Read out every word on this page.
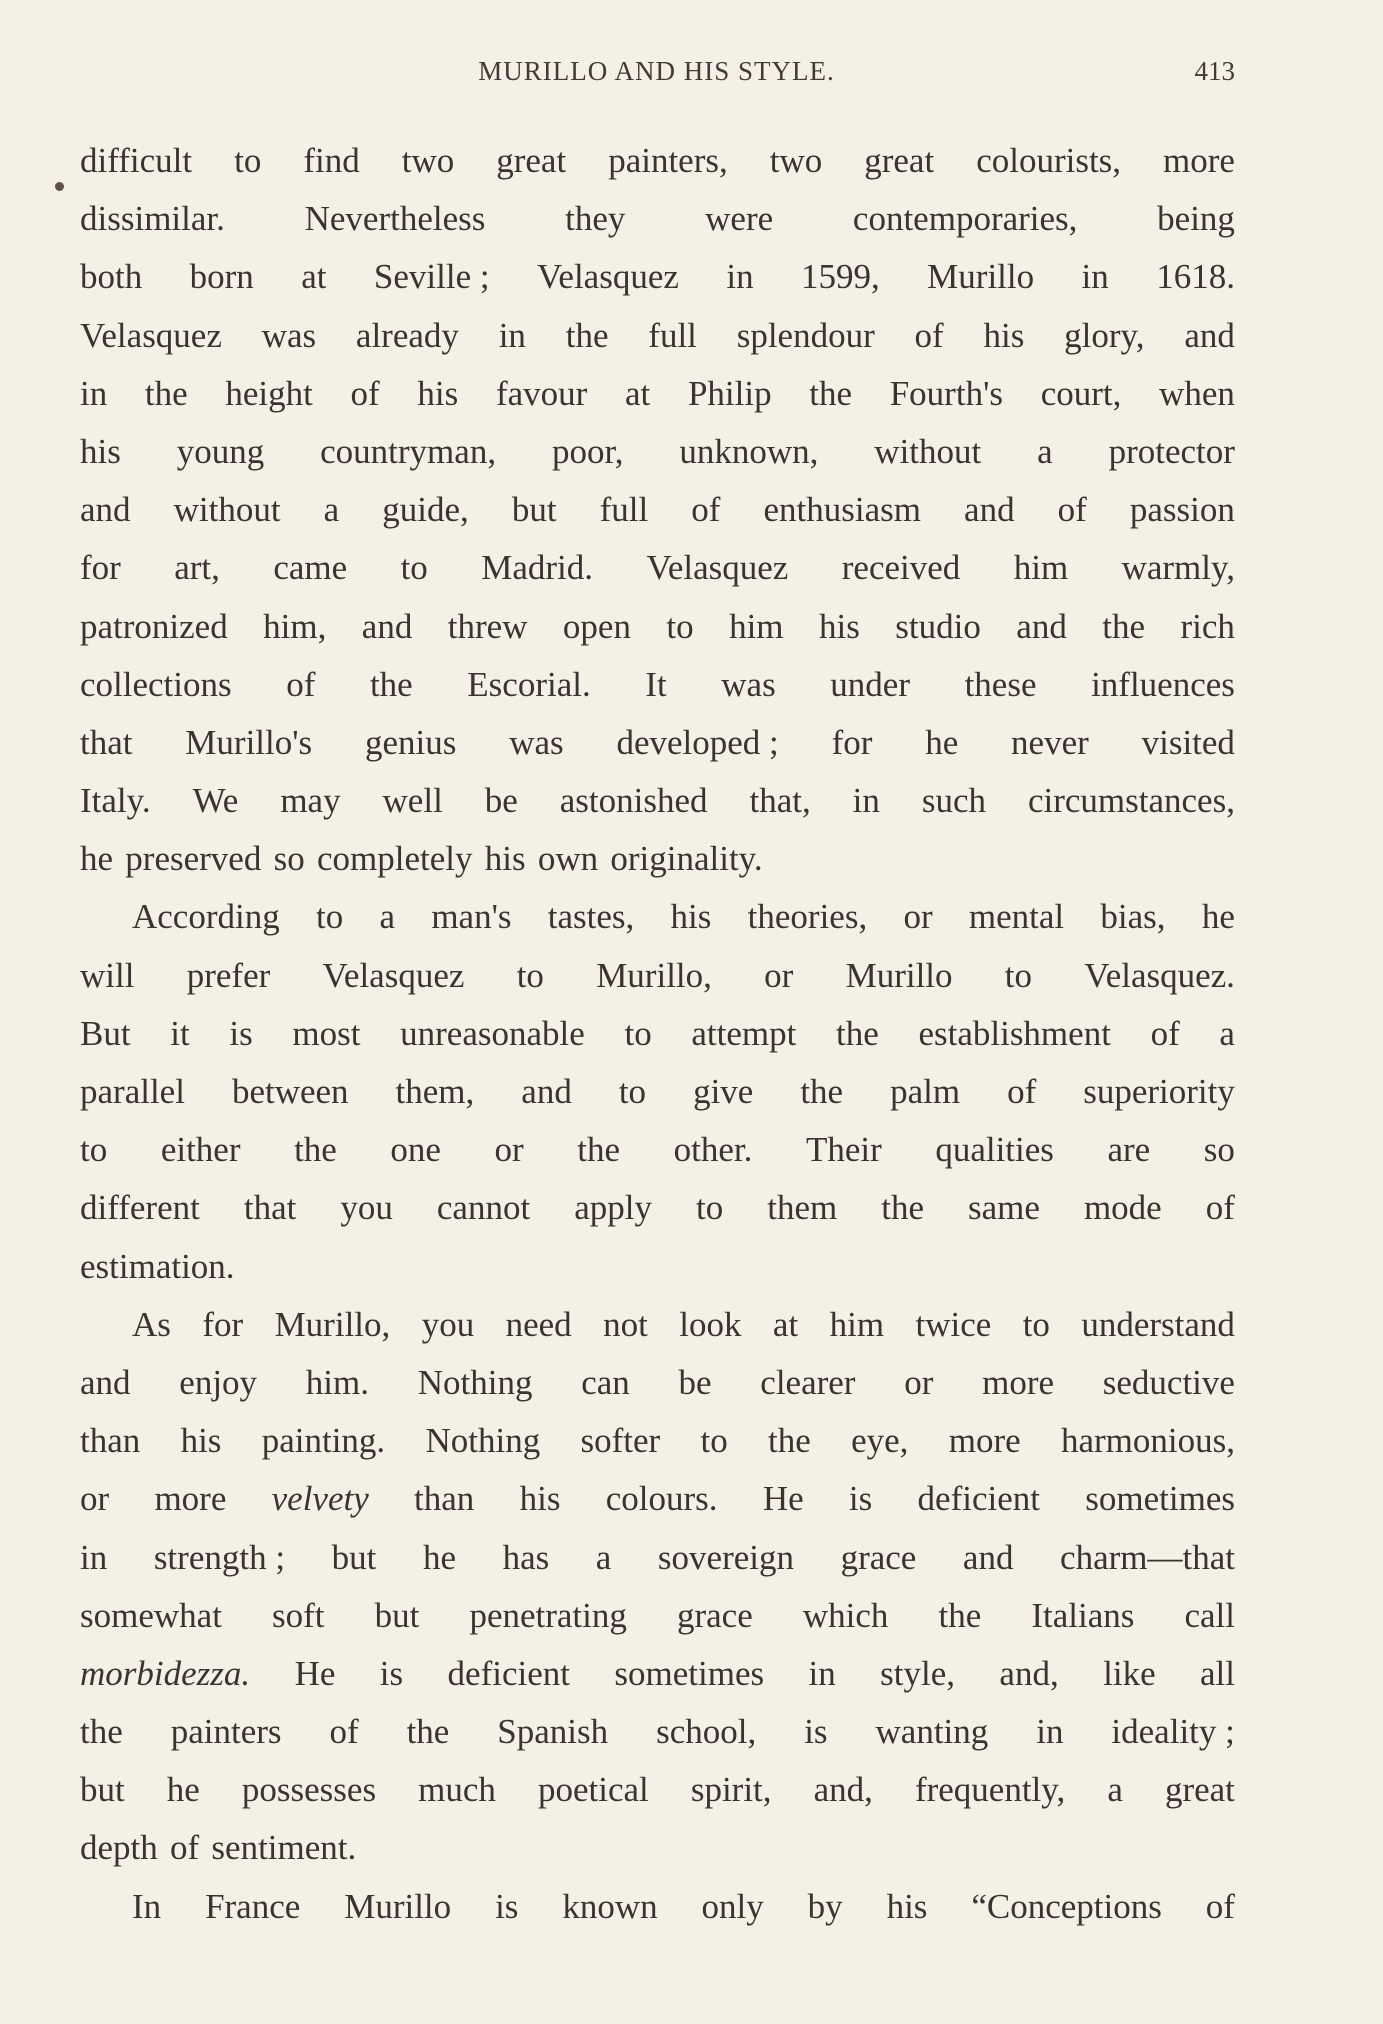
MURILLO AND HIS STYLE.	413
difficult to find two great painters, two great colourists, more
dissimilar. Nevertheless they were contemporaries, being
both born at Seville ; Velasquez in 1599, Murillo in 1618.
Velasquez was already in the full splendour of his glory, and
in the height of his favour at Philip the Fourth's court, when
his young countryman, poor, unknown, without a protector
and without a guide, but full of enthusiasm and of passion
for art, came to Madrid. Velasquez received him warmly,
patronized him, and threw open to him his studio and the rich
collections of the Escorial. It was under these influences
that Murillo's genius was developed ; for he never visited
Italy. We may well be astonished that, in such circumstances,
he preserved so completely his own originality.
According to a man's tastes, his theories, or mental bias, he
will prefer Velasquez to Murillo, or Murillo to Velasquez.
But it is most unreasonable to attempt the establishment of a
parallel between them, and to give the palm of superiority
to either the one or the other. Their qualities are so
different that you cannot apply to them the same mode of
estimation.
As for Murillo, you need not look at him twice to understand
and enjoy him. Nothing can be clearer or more seductive
than his painting. Nothing softer to the eye, more harmonious,
or more velvety than his colours. He is deficient sometimes
in strength ; but he has a sovereign grace and charm—that
somewhat soft but penetrating grace which the Italians call
morbidezza. He is deficient sometimes in style, and, like all
the painters of the Spanish school, is wanting in ideality ;
but he possesses much poetical spirit, and, frequently, a great
depth of sentiment.
In France Murillo is known only by his “Conceptions of
